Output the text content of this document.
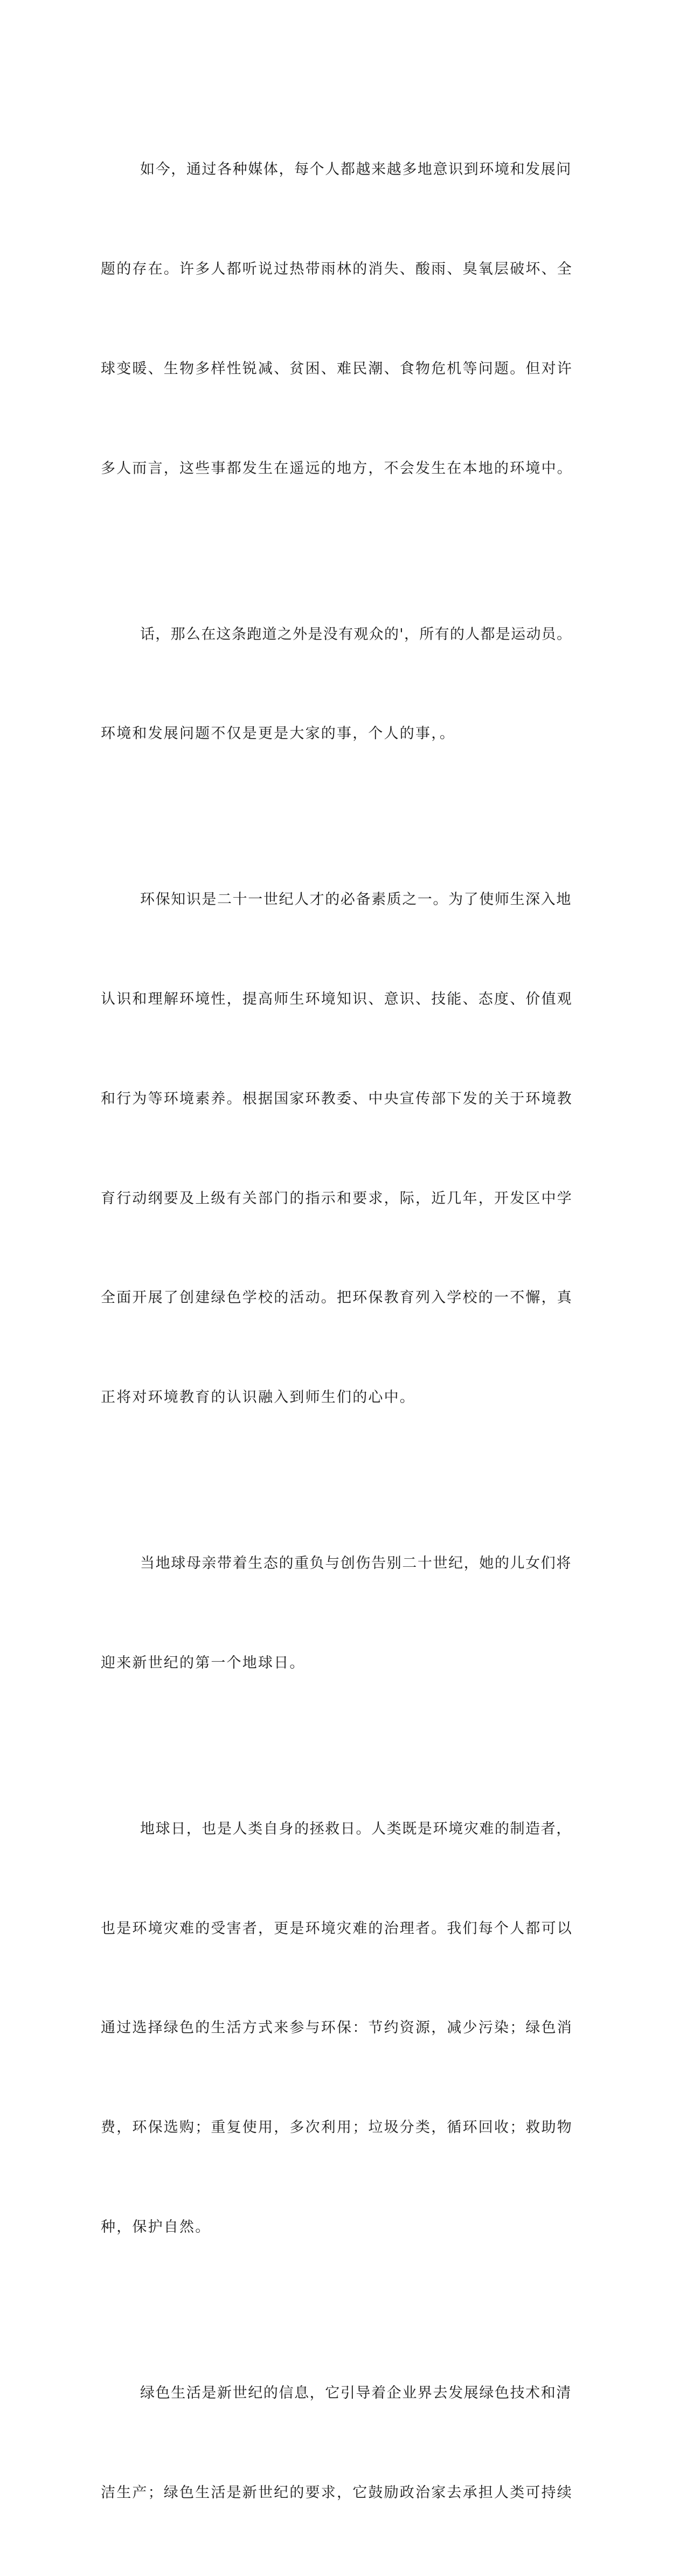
如今，通过各种媒体，每个人都越来越多地意识到环境和发展问

题的存在。许多人都听说过热带雨林的消失、酸雨、臭氧层破坏、全

球变暖、生物多样性锐减、贫困、难民潮、食物危机等问题。但对许

多人而言，这些事都发生在遥远的地方，不会发生在本地的环境中。

话，那么在这条跑道之外是没有观众的'，所有的人都是运动员。

环境和发展问题不仅是更是大家的事，个人的事，。

环保知识是二十一世纪人才的必备素质之一。为了使师生深入地

认识和理解环境性，提高师生环境知识、意识、技能、态度、价值观

和行为等环境素养。根据国家环教委、中央宣传部下发的关于环境教

育行动纲要及上级有关部门的指示和要求，际，近几年，开发区中学

全面开展了创建绿色学校的活动。把环保教育列入学校的一不懈，真

正将对环境教育的认识融入到师生们的心中。

当地球母亲带着生态的重负与创伤告别二十世纪，她的儿女们将

迎来新世纪的第一个地球日。

地球日，也是人类自身的拯救日。人类既是环境灾难的制造者，

也是环境灾难的受害者，更是环境灾难的治理者。我们每个人都可以

通过选择绿色的生活方式来参与环保：节约资源，减少污染；绿色消

费，环保选购；重复使用，多次利用；垃圾分类，循环回收；救助物

种，保护自然。

绿色生活是新世纪的信息，它引导着企业界去发展绿色技术和清

洁生产；绿色生活是新世纪的要求，它鼓励政治家去承担人类可持续
